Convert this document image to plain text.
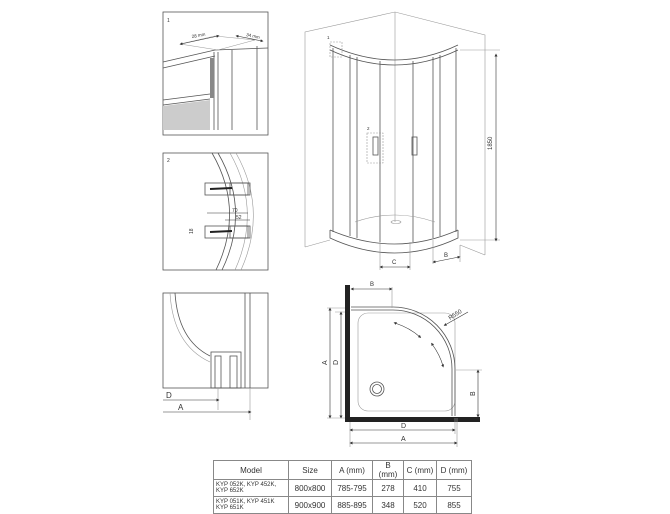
1
28 mm	34 mm
2
70
52
18
D
A
2
1
1850
C
B
R550
B
A D
B
D
A
Model	Size	A (mm)	B (mm)	C (mm)	D (mm)
KYP 052K, KYP 452K, KYP 652K	800x800	785-795	278	410	755
KYP 051K, KYP 451K KYP 651K	900x900	885-895	348	520	855
